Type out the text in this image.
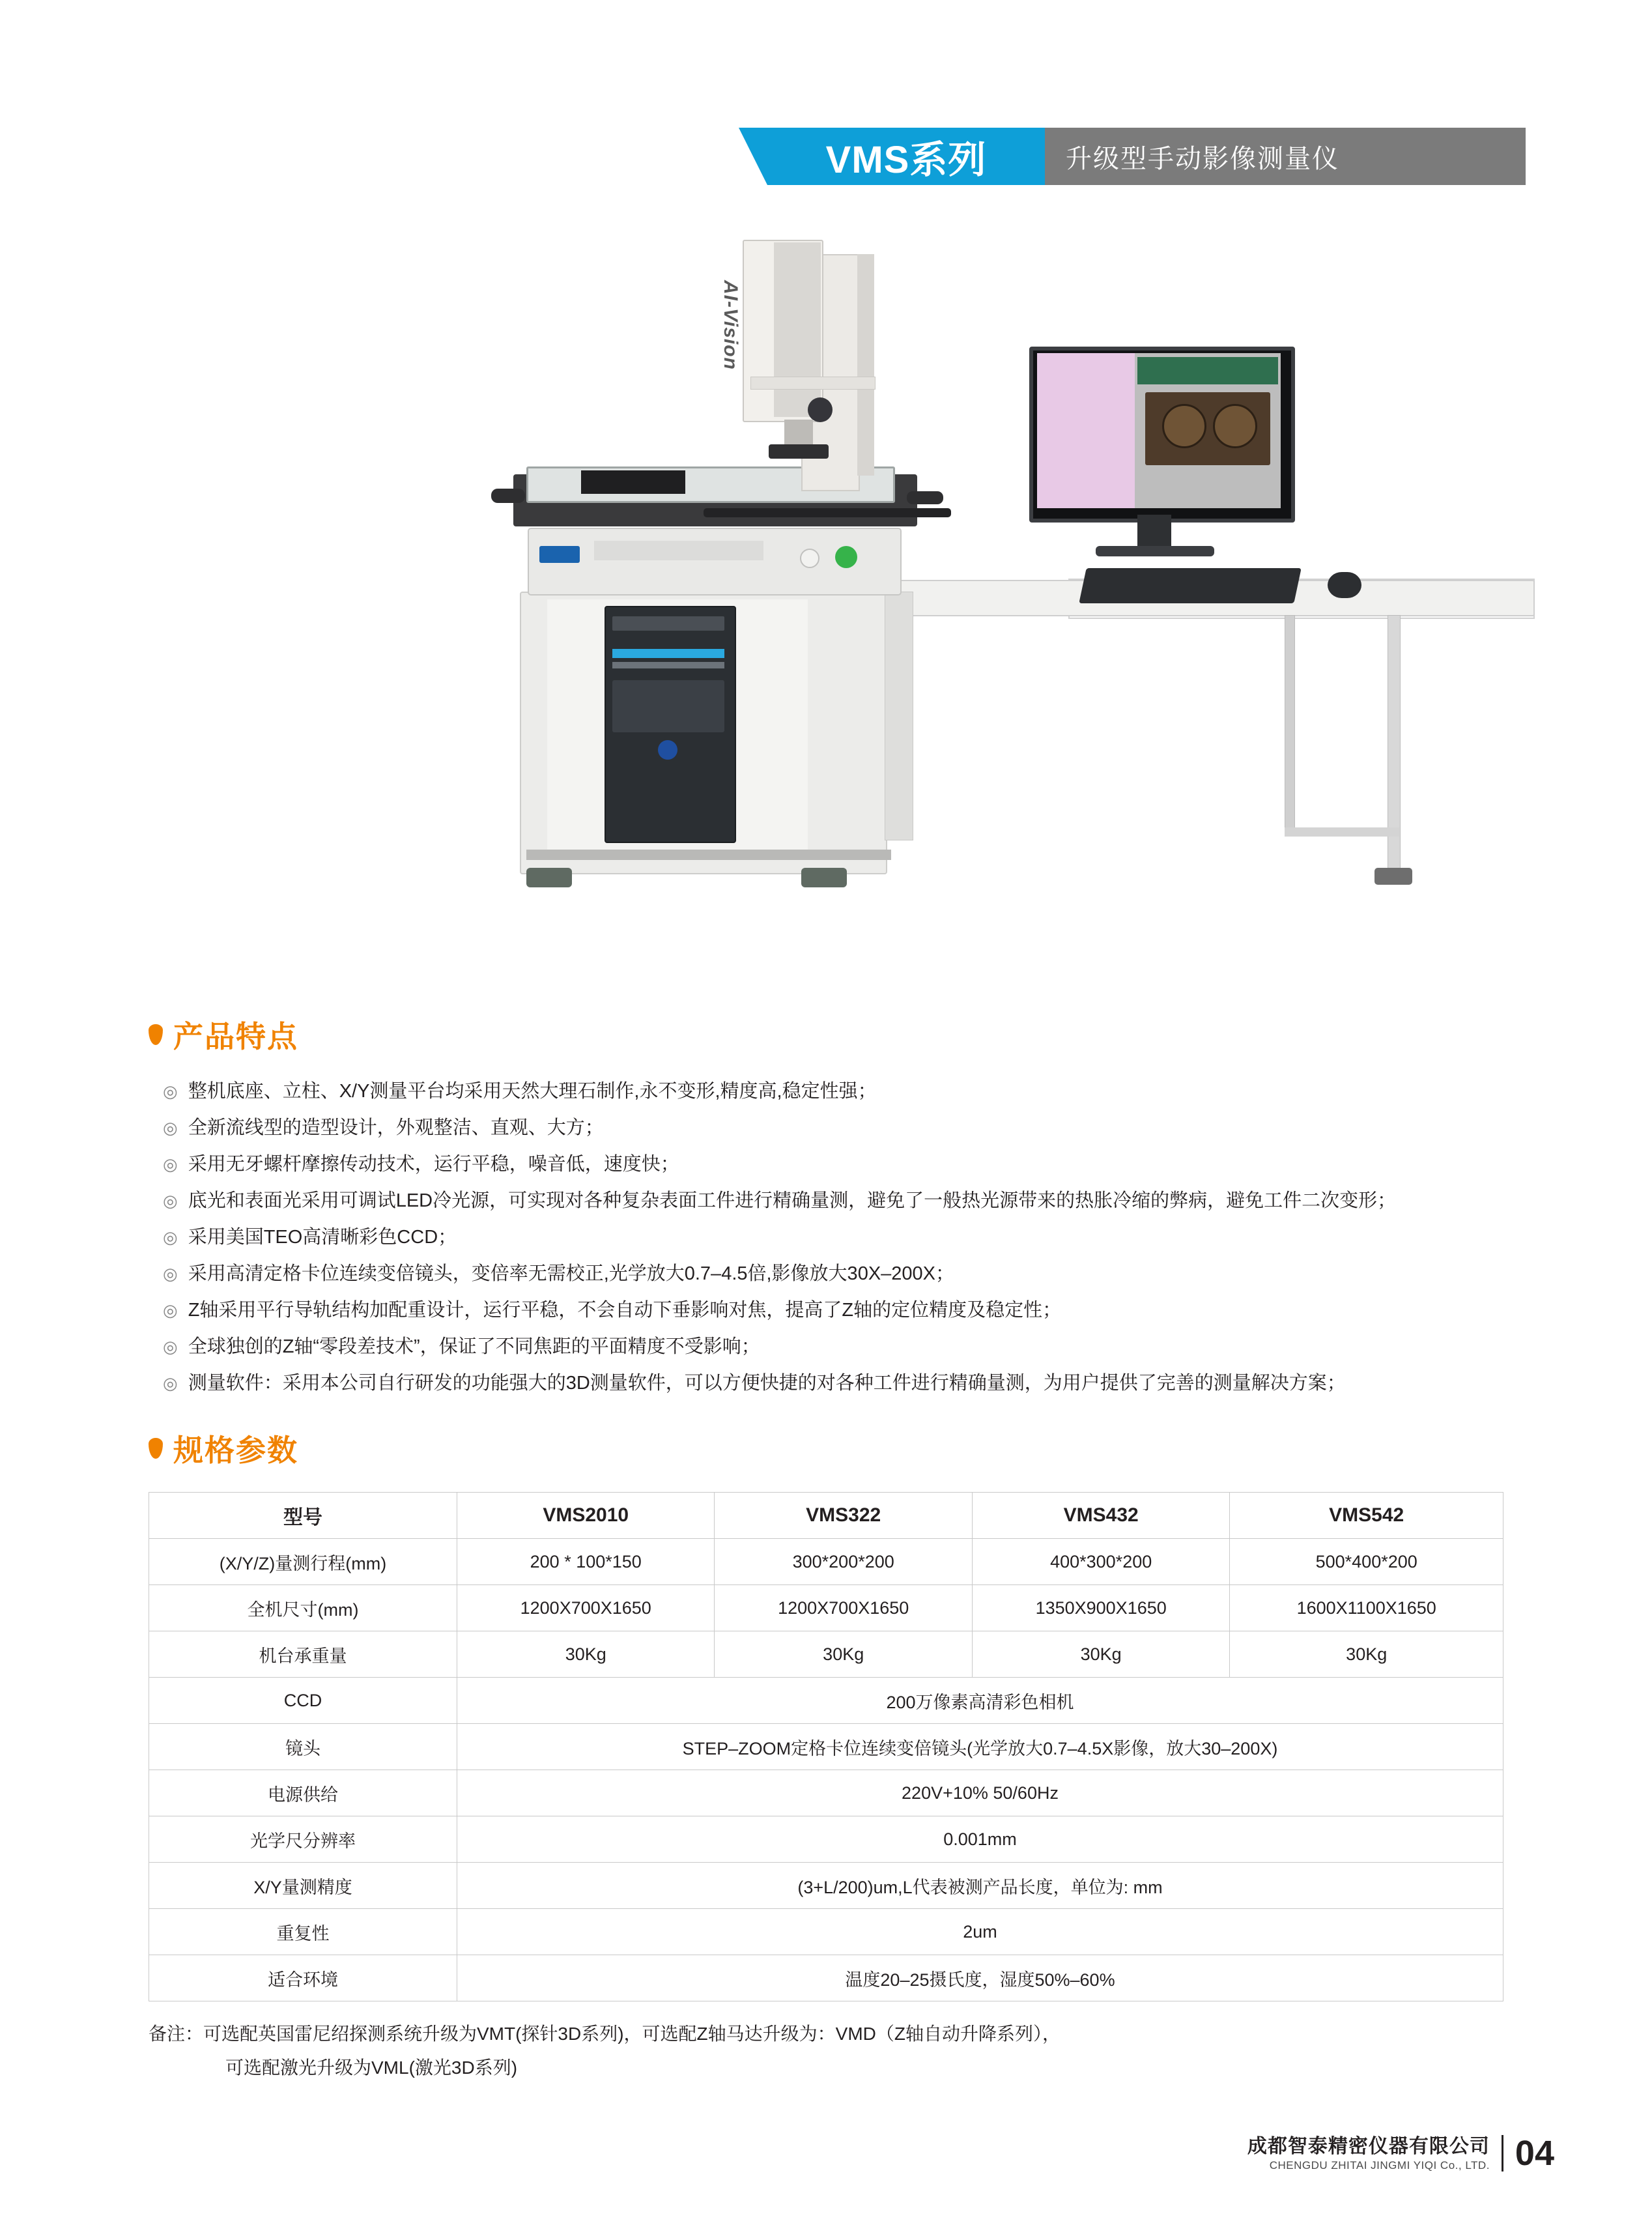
VMS系列	升级型手动影像测量仪
AI-Vision
产品特点
◎ 整机底座、立柱、X/Y测量平台均采用天然大理石制作,永不变形,精度高,稳定性强；
◎ 全新流线型的造型设计，外观整洁、直观、大方；
◎ 采用无牙螺杆摩擦传动技术，运行平稳，噪音低，速度快；
◎ 底光和表面光采用可调试LED冷光源，可实现对各种复杂表面工件进行精确量测，避免了一般热光源带来的热胀冷缩的弊病，避免工件二次变形；
◎ 采用美国TEO高清晰彩色CCD；
◎ 采用高清定格卡位连续变倍镜头，变倍率无需校正,光学放大0.7–4.5倍,影像放大30X–200X；
◎ Z轴采用平行导轨结构加配重设计，运行平稳，不会自动下垂影响对焦，提高了Z轴的定位精度及稳定性；
◎ 全球独创的Z轴“零段差技术”，保证了不同焦距的平面精度不受影响；
◎ 测量软件：采用本公司自行研发的功能强大的3D测量软件，可以方便快捷的对各种工件进行精确量测，为用户提供了完善的测量解决方案；
规格参数
型号	VMS2010	VMS322	VMS432	VMS542
(X/Y/Z)量测行程(mm)	200 * 100*150	300*200*200	400*300*200	500*400*200
全机尺寸(mm)	1200X700X1650	1200X700X1650	1350X900X1650	1600X1100X1650
机台承重量	30Kg	30Kg	30Kg	30Kg
CCD	200万像素高清彩色相机			
镜头	STEP–ZOOM定格卡位连续变倍镜头(光学放大0.7–4.5X影像，放大30–200X)			
电源供给	220V+10% 50/60Hz			
光学尺分辨率	0.001mm			
X/Y量测精度	(3+L/200)um,L代表被测产品长度，单位为: mm			
重复性	2um			
适合环境	温度20–25摄氏度，湿度50%–60%			
备注：可选配英国雷尼绍探测系统升级为VMT(探针3D系列)，可选配Z轴马达升级为：VMD（Z轴自动升降系列），
可选配激光升级为VML(激光3D系列)
成都智泰精密仪器有限公司
CHENGDU ZHITAI JINGMI YIQI Co., LTD. 04
